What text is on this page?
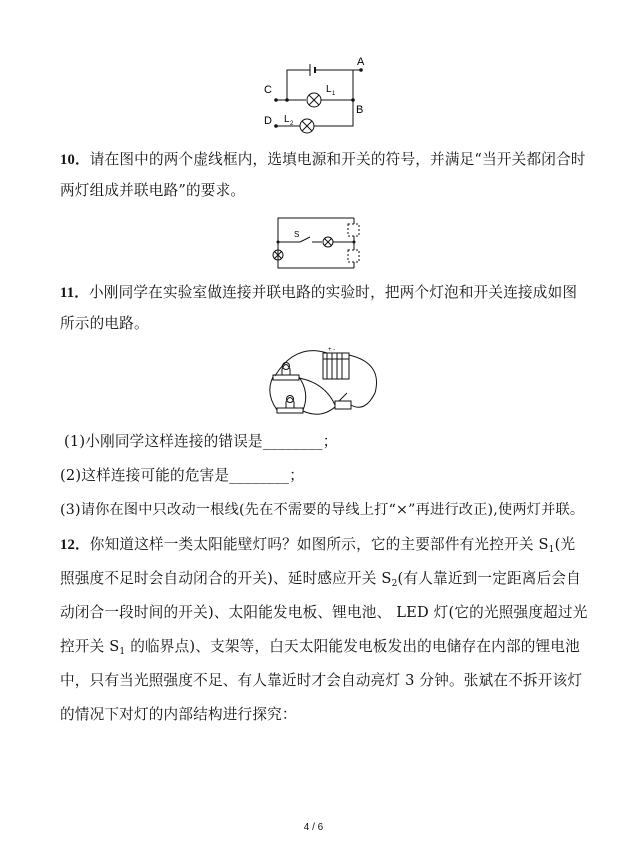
A
C
D
B
L 1
L 2
10．请在图中的两个虚线框内，选填电源和开关的符号，并满足“当开关都闭合时
两灯组成并联电路”的要求。
S
11．小刚同学在实验室做连接并联电路的实验时，把两个灯泡和开关连接成如图
所示的电路。
+ -
(1)小刚同学这样连接的错误是________；
(2)这样连接可能的危害是________；
(3)请你在图中只改动一根线(先在不需要的导线上打“×”再进行改正),使两灯并联。
12．你知道这样一类太阳能壁灯吗？如图所示，它的主要部件有光控开关 $S_1$(光
照强度不足时会自动闭合的开关)、延时感应开关 $S_2$(有人靠近到一定距离后会自
动闭合一段时间的开关)、太阳能发电板、锂电池、 LED 灯(它的光照强度超过光
控开关 $S_1$ 的临界点)、支架等，白天太阳能发电板发出的电储存在内部的锂电池
中，只有当光照强度不足、有人靠近时才会自动亮灯 3 分钟。张斌在不拆开该灯
的情况下对灯的内部结构进行探究：
4 / 6
